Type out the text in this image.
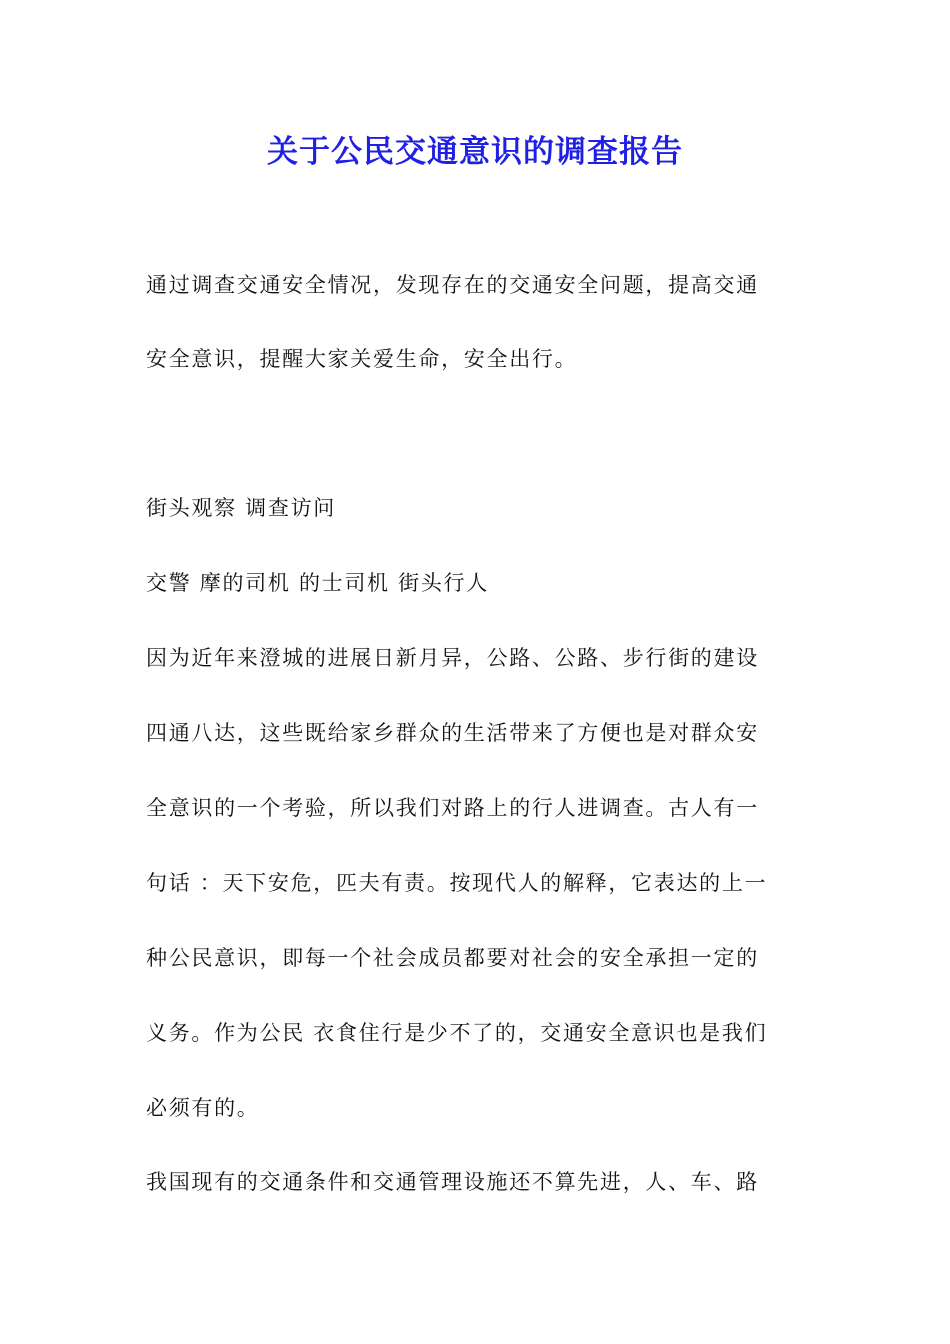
关于公民交通意识的调查报告
通过调查交通安全情况，发现存在的交通安全问题，提高交通
安全意识，提醒大家关爱生命，安全出行。
街头观察 调查访问
交警 摩的司机 的士司机 街头行人
因为近年来澄城的进展日新月异，公路、公路、步行街的建设
四通八达，这些既给家乡群众的生活带来了方便也是对群众安
全意识的一个考验，所以我们对路上的行人进调查。古人有一
句话 ：天下安危，匹夫有责。按现代人的解释，它表达的上一
种公民意识，即每一个社会成员都要对社会的安全承担一定的
义务。作为公民 衣食住行是少不了的，交通安全意识也是我们
必须有的。
我国现有的交通条件和交通管理设施还不算先进，人、车、路
